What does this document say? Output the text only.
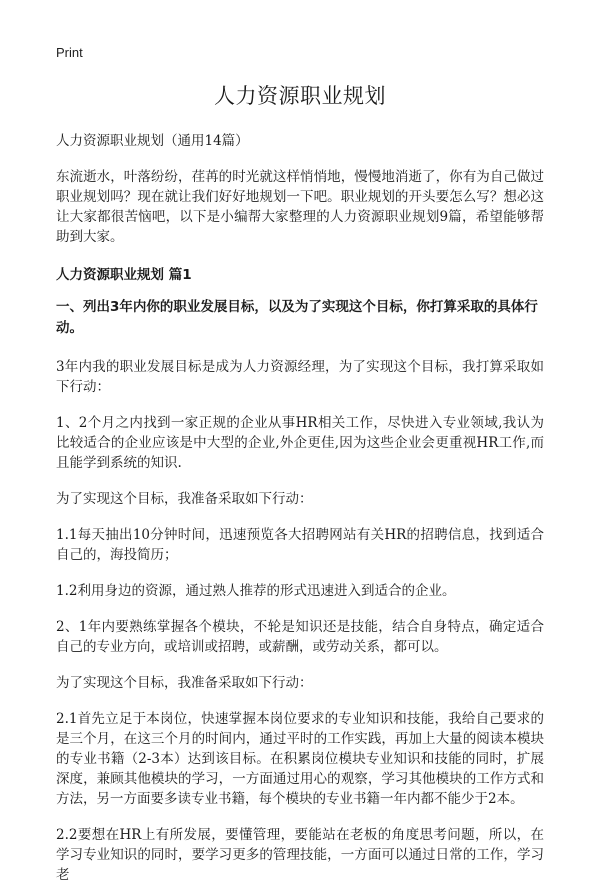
Print
人力资源职业规划
人力资源职业规划（通用14篇）

东流逝水，叶落纷纷，荏苒的时光就这样悄悄地，慢慢地消逝了，你有为自己做过职业规划吗？现在就让我们好好地规划一下吧。职业规划的开头要怎么写？想必这让大家都很苦恼吧，以下是小编帮大家整理的人力资源职业规划9篇，希望能够帮助到大家。

人力资源职业规划 篇1
一、列出3年内你的职业发展目标，以及为了实现这个目标，你打算采取的具体行动。

3年内我的职业发展目标是成为人力资源经理，为了实现这个目标，我打算采取如下行动：

1、2个月之内找到一家正规的企业从事HR相关工作，尽快进入专业领域,我认为比较适合的企业应该是中大型的企业,外企更佳,因为这些企业会更重视HR工作,而且能学到系统的知识.

为了实现这个目标，我准备采取如下行动：

1.1每天抽出10分钟时间，迅速预览各大招聘网站有关HR的招聘信息，找到适合自己的，海投简历；

1.2利用身边的资源，通过熟人推荐的形式迅速进入到适合的企业。

2、1年内要熟练掌握各个模块，不轮是知识还是技能，结合自身特点，确定适合自己的专业方向，或培训或招聘，或薪酬，或劳动关系，都可以。

为了实现这个目标，我准备采取如下行动：

2.1首先立足于本岗位，快速掌握本岗位要求的专业知识和技能，我给自己要求的是三个月，在这三个月的时间内，通过平时的工作实践，再加上大量的阅读本模块的专业书籍（2-3本）达到该目标。在积累岗位模块专业知识和技能的同时，扩展深度，兼顾其他模块的学习，一方面通过用心的观察，学习其他模块的工作方式和方法，另一方面要多读专业书籍，每个模块的专业书籍一年内都不能少于2本。

2.2要想在HR上有所发展，要懂管理，要能站在老板的角度思考问题，所以，在学习专业知识的同时，要学习更多的管理技能，一方面可以通过日常的工作，学习老
